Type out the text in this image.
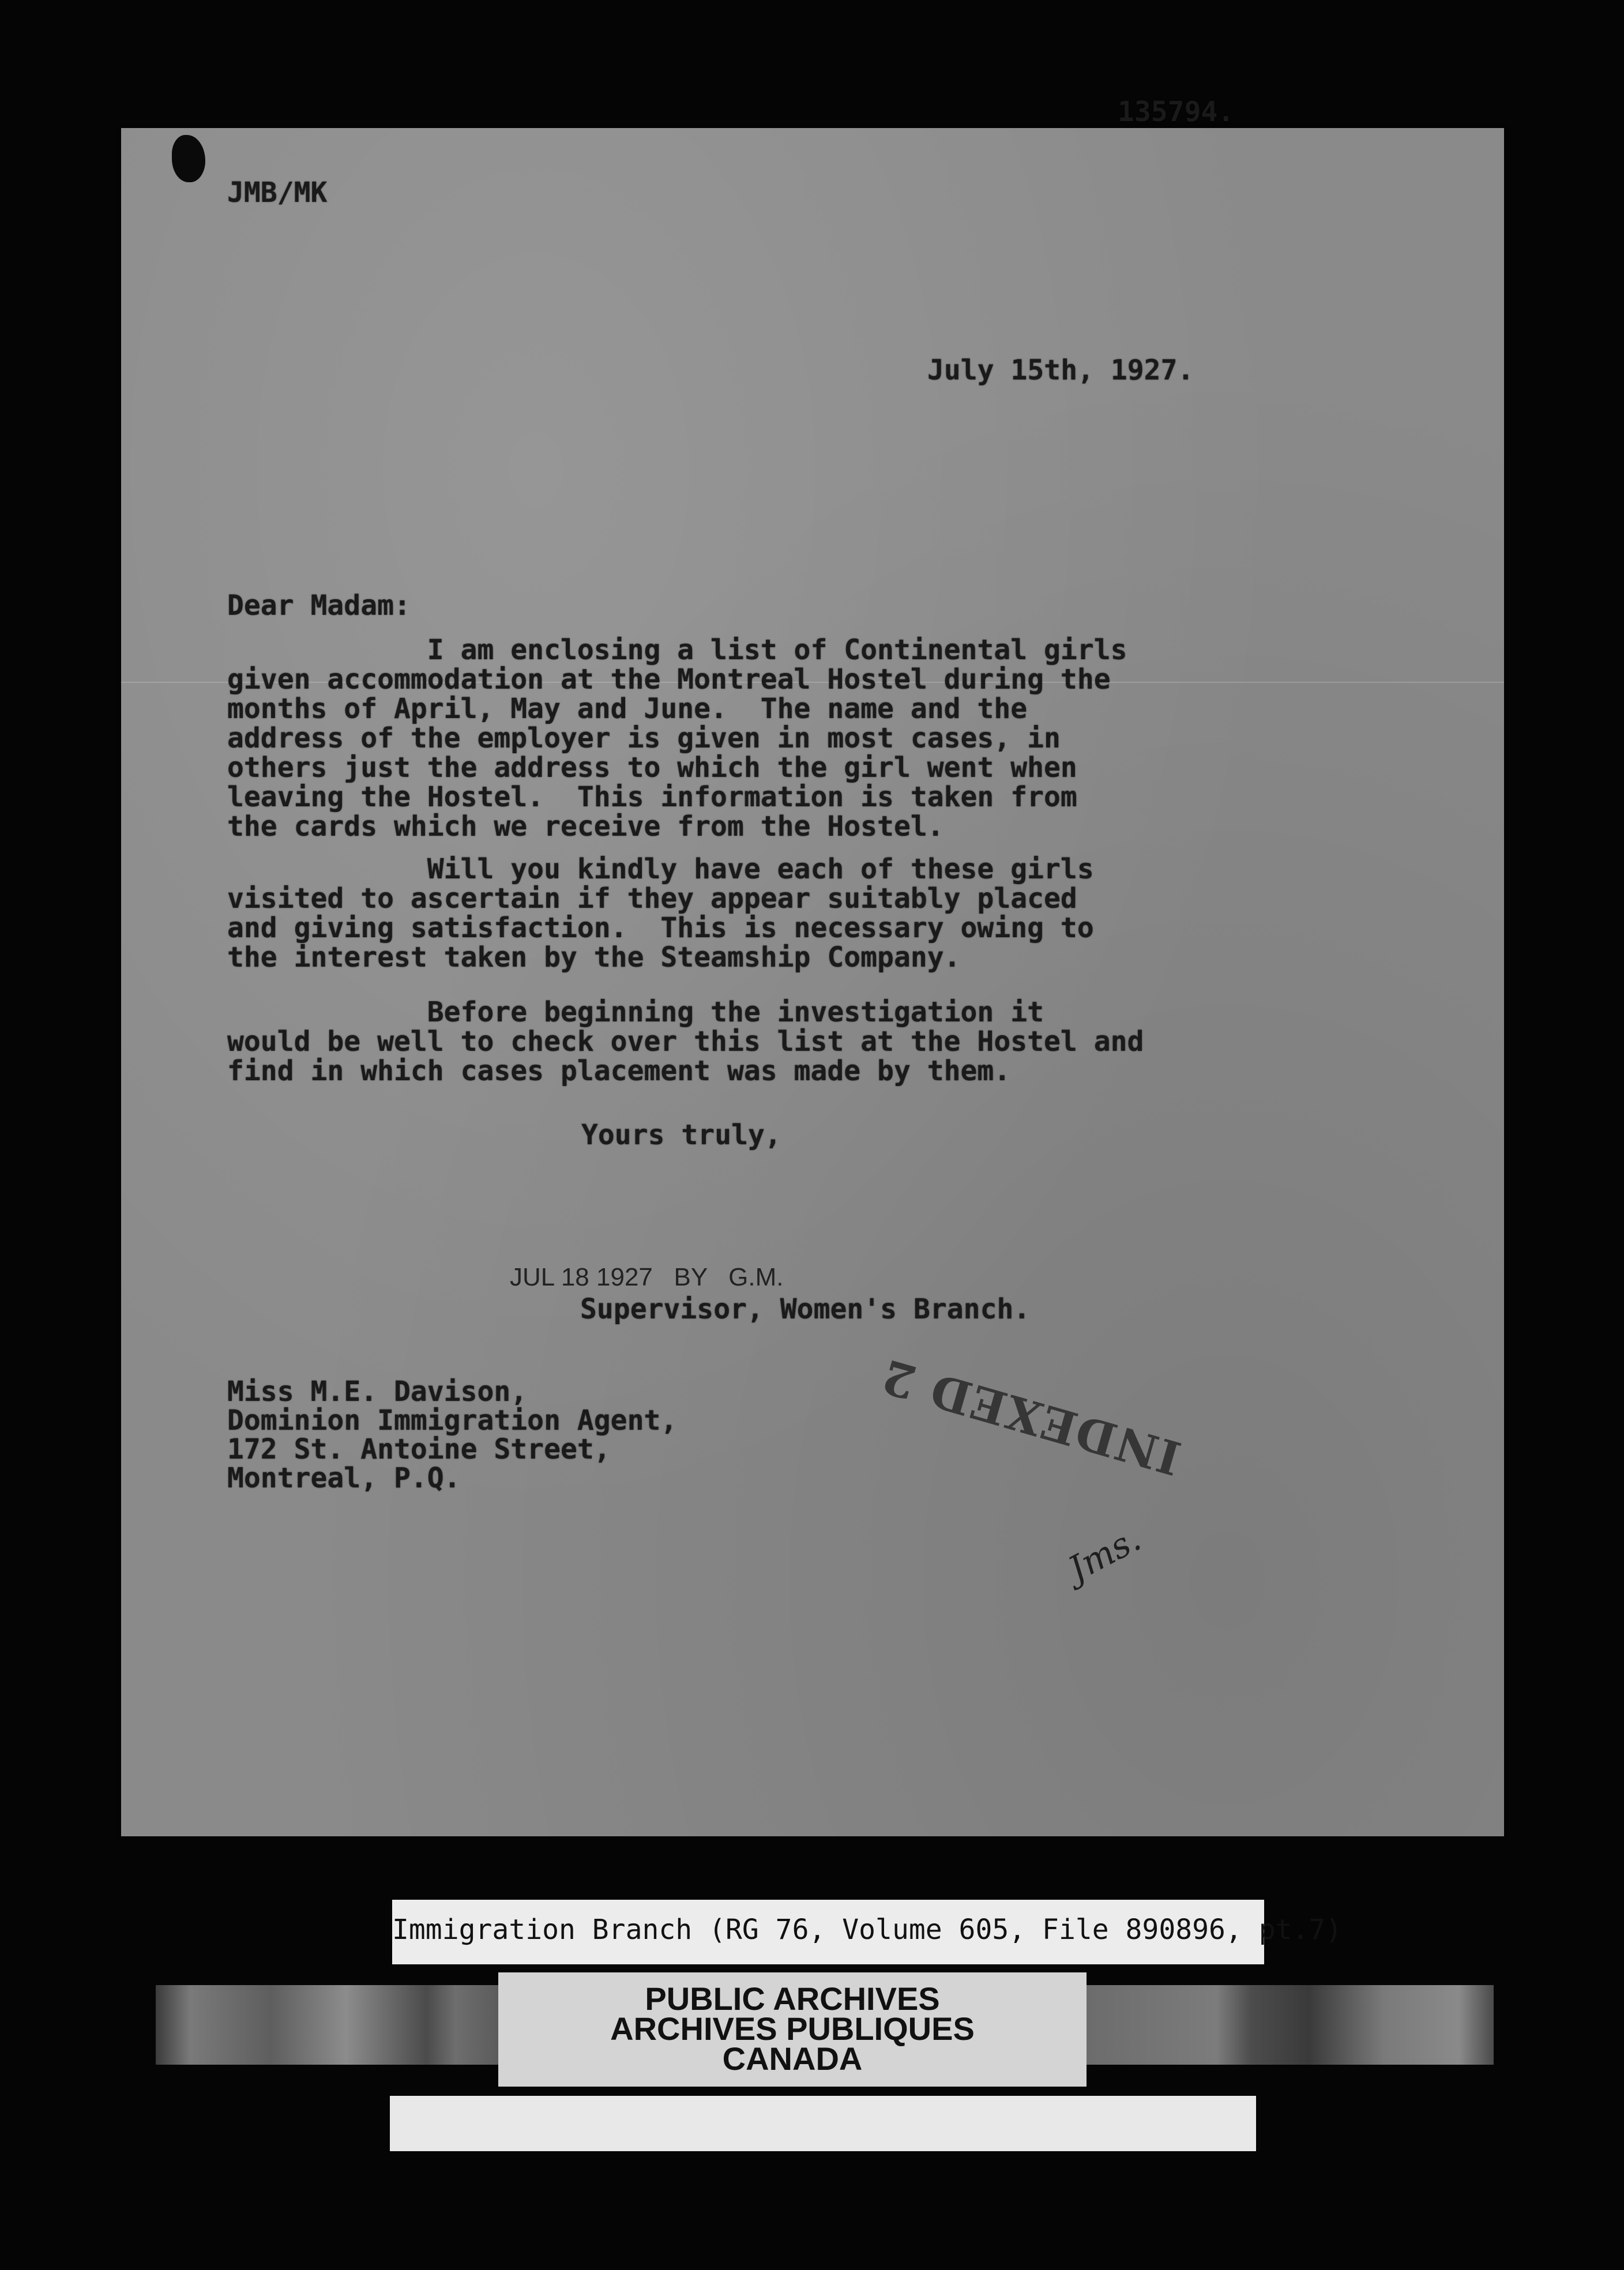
135794.

JMB/MK

July 15th, 1927.

Dear Madam:

I am enclosing a list of Continental girls
given accommodation at the Montreal Hostel during the
months of April, May and June.  The name and the
address of the employer is given in most cases, in
others just the address to which the girl went when
leaving the Hostel.  This information is taken from
the cards which we receive from the Hostel.
Will you kindly have each of these girls
visited to ascertain if they appear suitably placed
and giving satisfaction.  This is necessary owing to
the interest taken by the Steamship Company.
Before beginning the investigation it
would be well to check over this list at the Hostel and
find in which cases placement was made by them.

Yours truly,

JUL 18 1927   BY   G.M.

Supervisor, Women's Branch.

Miss M.E. Davison,
Dominion Immigration Agent,
172 St. Antoine Street,
Montreal, P.Q.	INDEXED 2

Jms.

Immigration Branch (RG 76, Volume 605, File 890896, pt.7)
PUBLIC ARCHIVES
ARCHIVES PUBLIQUES
CANADA
